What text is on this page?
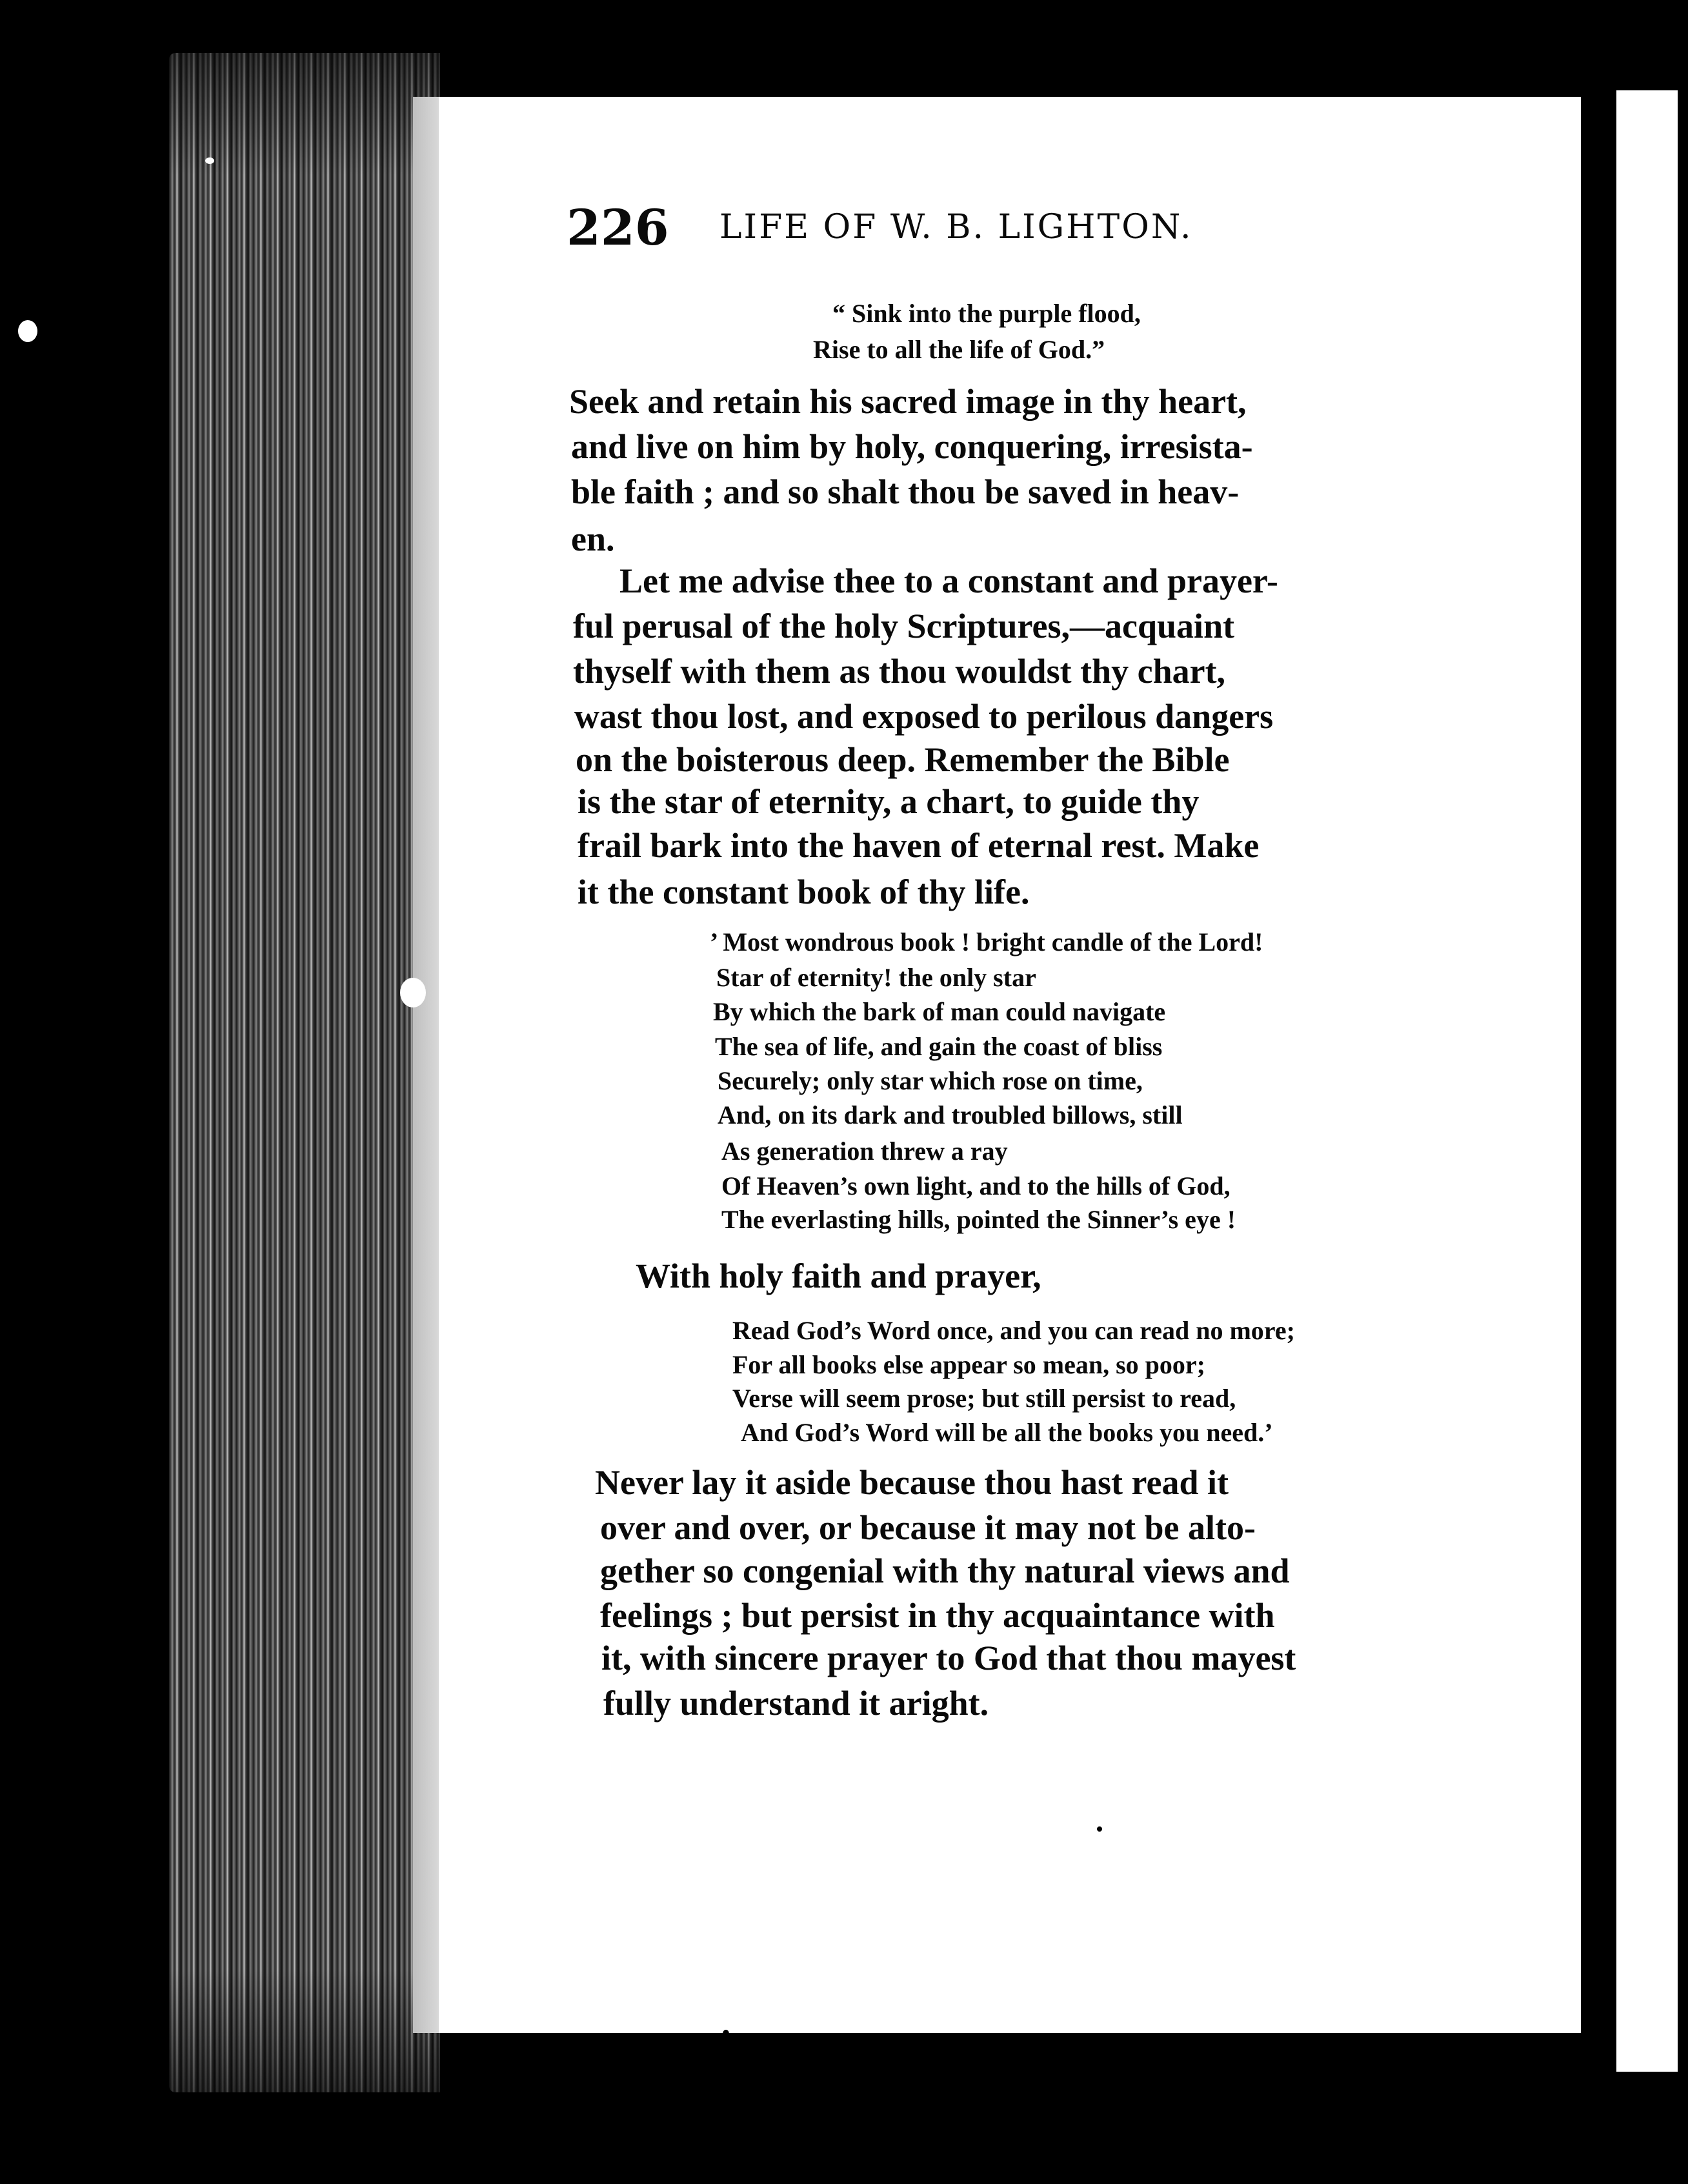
226 LIFE OF W. B. LIGHTON.
“ Sink into the purple flood,
Rise to all the life of God.”
Seek and retain his sacred image in thy heart,
and live on him by holy, conquering, irresista-
ble faith ; and so shalt thou be saved in heav-
en.
Let me advise thee to a constant and prayer-
ful perusal of the holy Scriptures,—acquaint
thyself with them as thou wouldst thy chart,
wast thou lost, and exposed to perilous dangers
on the boisterous deep. Remember the Bible
is the star of eternity, a chart, to guide thy
frail bark into the haven of eternal rest. Make
it the constant book of thy life.
’ Most wondrous book ! bright candle of the Lord!
Star of eternity! the only star
By which the bark of man could navigate
The sea of life, and gain the coast of bliss
Securely; only star which rose on time,
And, on its dark and troubled billows, still
As generation threw a ray
Of Heaven’s own light, and to the hills of God,
The everlasting hills, pointed the Sinner’s eye !
With holy faith and prayer,
Read God’s Word once, and you can read no more;
For all books else appear so mean, so poor;
Verse will seem prose; but still persist to read,
And God’s Word will be all the books you need.’
Never lay it aside because thou hast read it
over and over, or because it may not be alto-
gether so congenial with thy natural views and
feelings ; but persist in thy acquaintance with
it, with sincere prayer to God that thou mayest
fully understand it aright.
